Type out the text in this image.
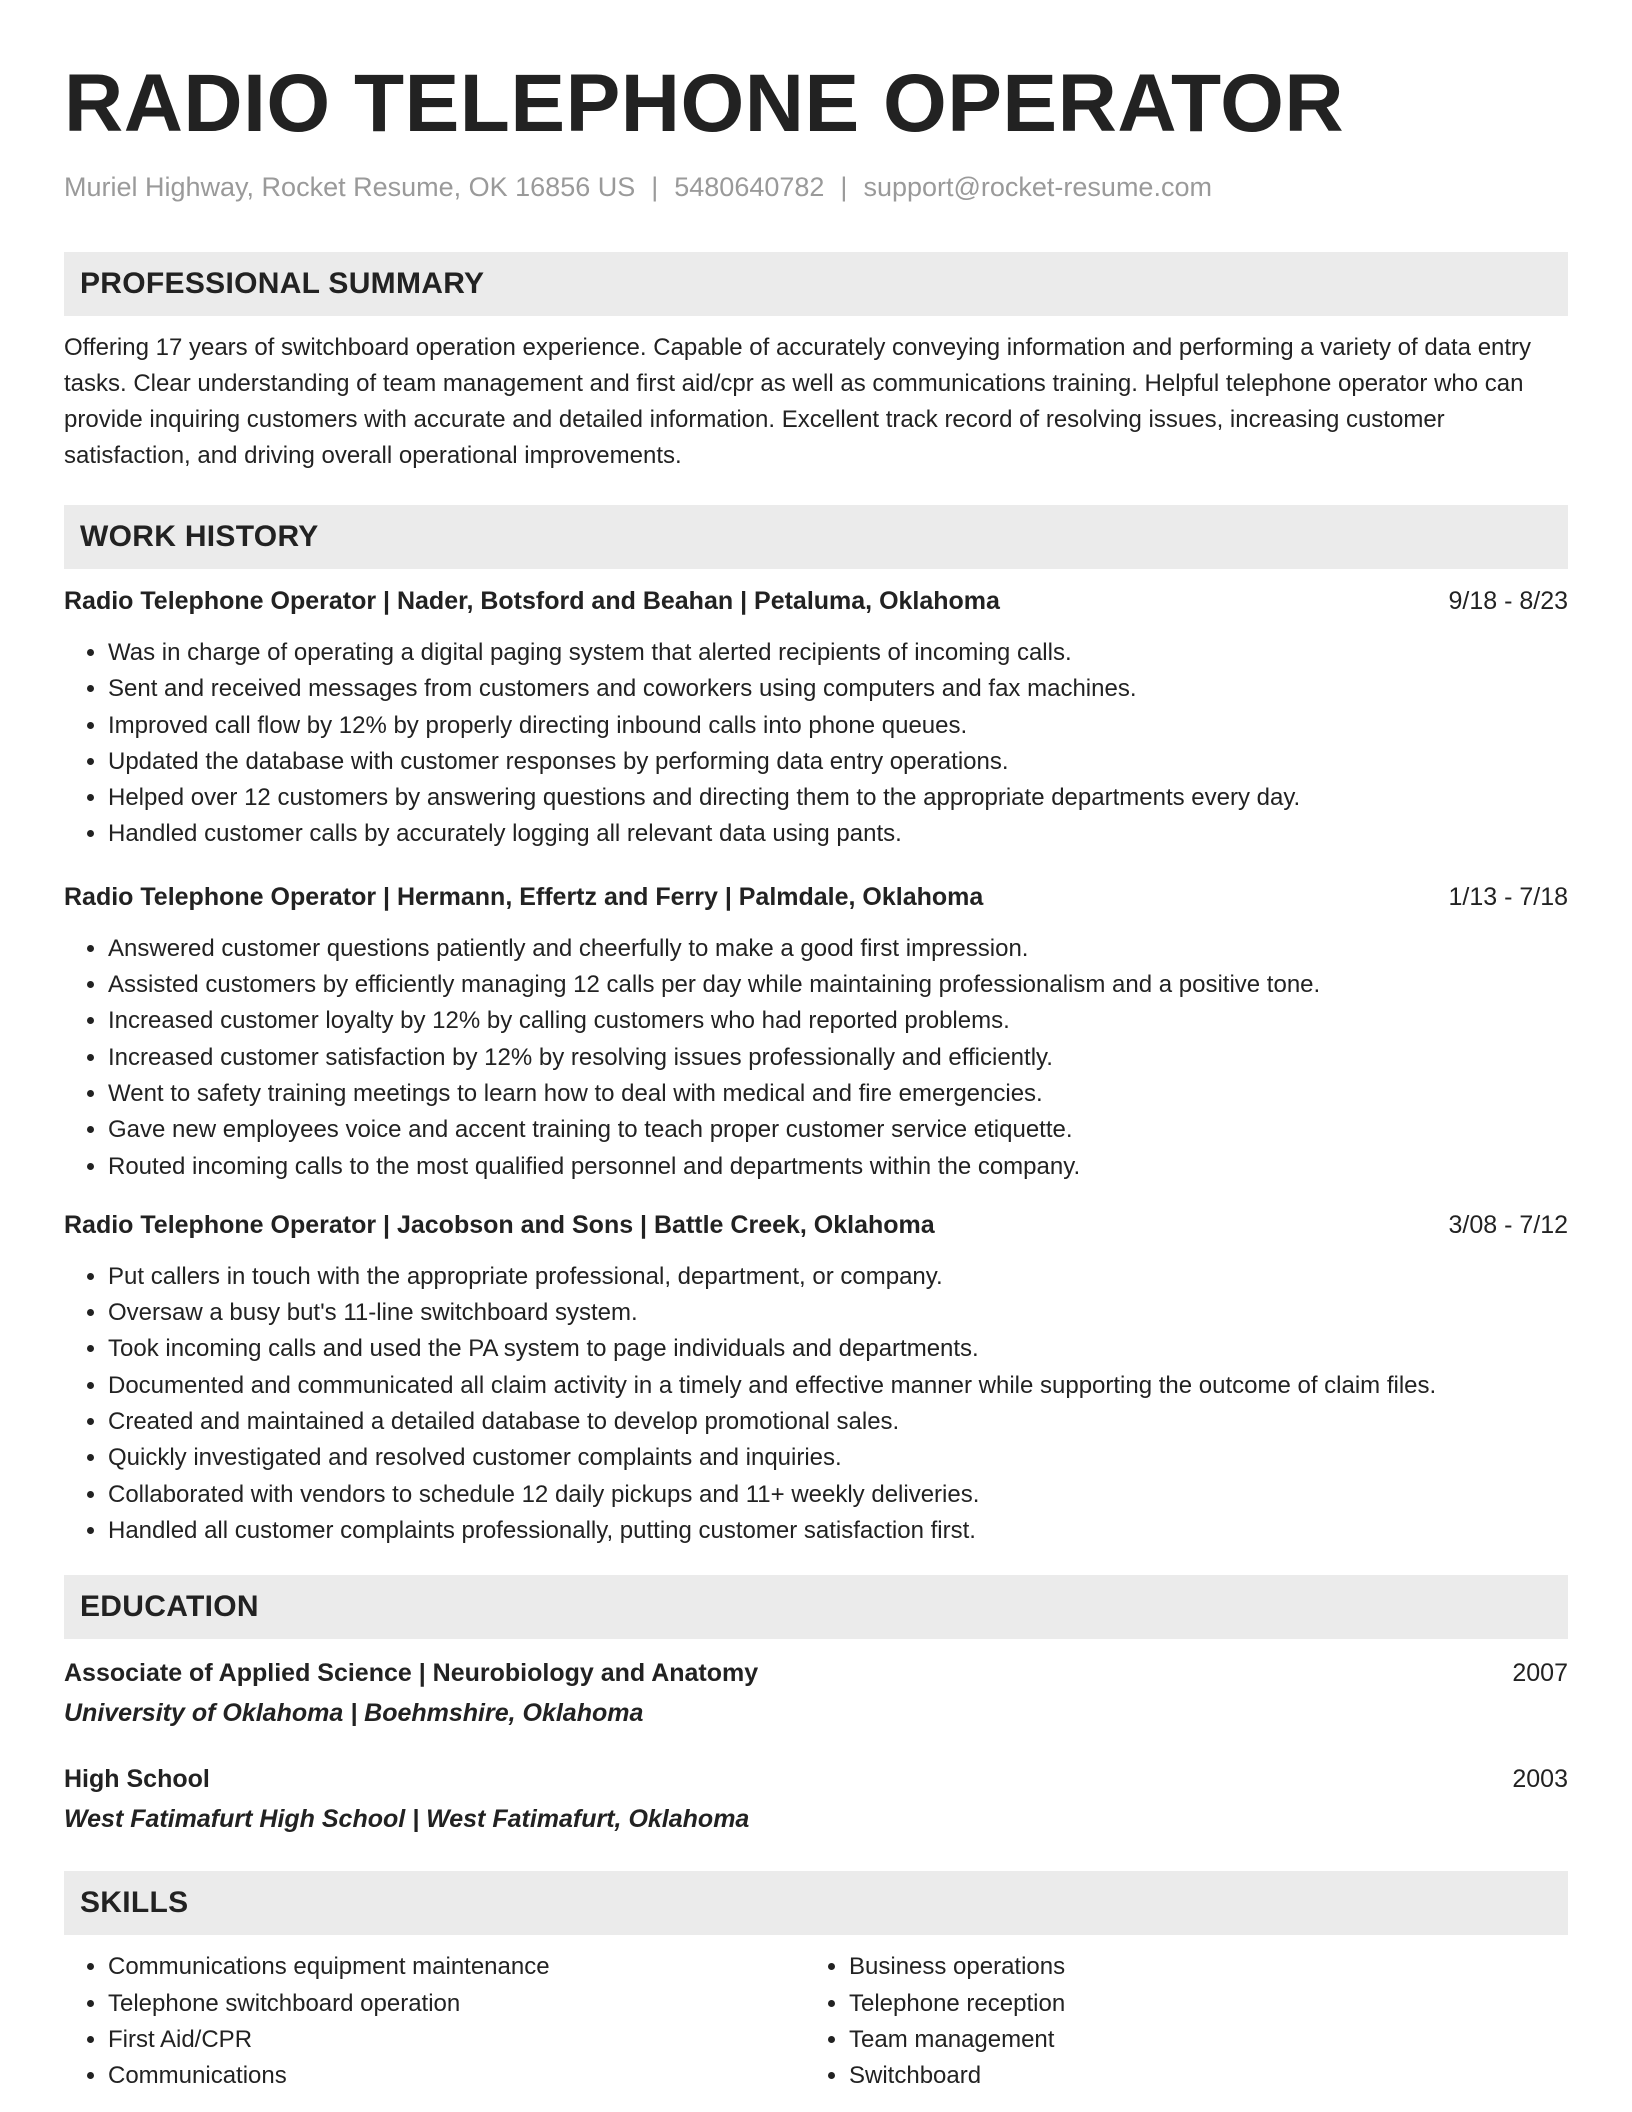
RADIO TELEPHONE OPERATOR
Muriel Highway, Rocket Resume, OK 16856 US | 5480640782 | support@rocket-resume.com
PROFESSIONAL SUMMARY

Offering 17 years of switchboard operation experience. Capable of accurately conveying information and performing a variety of data entry tasks. Clear understanding of team management and first aid/cpr as well as communications training. Helpful telephone operator who can provide inquiring customers with accurate and detailed information. Excellent track record of resolving issues, increasing customer satisfaction, and driving overall operational improvements.

WORK HISTORY
Radio Telephone Operator | Nader, Botsford and Beahan | Petaluma, Oklahoma	9/18 - 8/23
• Was in charge of operating a digital paging system that alerted recipients of incoming calls.
• Sent and received messages from customers and coworkers using computers and fax machines.
• Improved call flow by 12% by properly directing inbound calls into phone queues.
• Updated the database with customer responses by performing data entry operations.
• Helped over 12 customers by answering questions and directing them to the appropriate departments every day.
• Handled customer calls by accurately logging all relevant data using pants.
Radio Telephone Operator | Hermann, Effertz and Ferry | Palmdale, Oklahoma	1/13 - 7/18
• Answered customer questions patiently and cheerfully to make a good first impression.
• Assisted customers by efficiently managing 12 calls per day while maintaining professionalism and a positive tone.
• Increased customer loyalty by 12% by calling customers who had reported problems.
• Increased customer satisfaction by 12% by resolving issues professionally and efficiently.
• Went to safety training meetings to learn how to deal with medical and fire emergencies.
• Gave new employees voice and accent training to teach proper customer service etiquette.
• Routed incoming calls to the most qualified personnel and departments within the company.
Radio Telephone Operator | Jacobson and Sons | Battle Creek, Oklahoma	3/08 - 7/12
• Put callers in touch with the appropriate professional, department, or company.
• Oversaw a busy but's 11-line switchboard system.
• Took incoming calls and used the PA system to page individuals and departments.
• Documented and communicated all claim activity in a timely and effective manner while supporting the outcome of claim files.
• Created and maintained a detailed database to develop promotional sales.
• Quickly investigated and resolved customer complaints and inquiries.
• Collaborated with vendors to schedule 12 daily pickups and 11+ weekly deliveries.
• Handled all customer complaints professionally, putting customer satisfaction first.
EDUCATION
Associate of Applied Science | Neurobiology and Anatomy	2007
University of Oklahoma | Boehmshire, Oklahoma
High School	2003
West Fatimafurt High School | West Fatimafurt, Oklahoma
SKILLS
• Communications equipment maintenance
• Telephone switchboard operation
• First Aid/CPR
• Communications
• Business operations
• Telephone reception
• Team management
• Switchboard
